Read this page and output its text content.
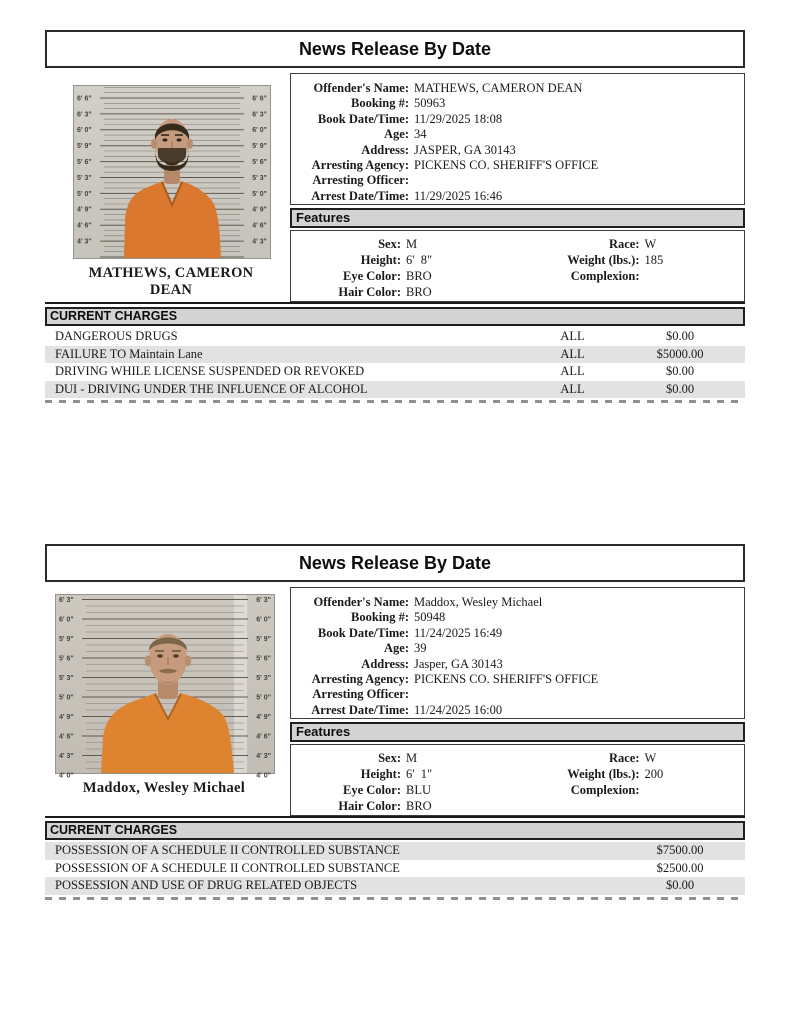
News Release By Date
6' 6"	6' 6"
6' 3"	6' 3"
6' 0"	6' 0"
5' 9"	5' 9"
5' 6"	5' 6"
5' 3"	5' 3"
5' 0"	5' 0"
4' 9"	4' 9"
4' 6"	4' 6"
4' 3"	4' 3"
MATHEWS, CAMERON DEAN
Offender's Name: MATHEWS, CAMERON DEAN
Booking #: 50963
Book Date/Time: 11/29/2025 18:08
Age: 34
Address: JASPER, GA 30143
Arresting Agency: PICKENS CO. SHERIFF'S OFFICE
Arresting Officer:
Arrest Date/Time: 11/29/2025 16:46
Features
Sex: M
Height: 6'  8"
Eye Color: BRO
Hair Color: BRO
Race: W
Weight (lbs.): 185
Complexion:
CURRENT CHARGES
DANGEROUS DRUGS	ALL	$0.00
FAILURE TO Maintain Lane	ALL	$5000.00
DRIVING WHILE LICENSE SUSPENDED OR REVOKED	ALL	$0.00
DUI - DRIVING UNDER THE INFLUENCE OF ALCOHOL	ALL	$0.00
News Release By Date
6' 3"	6' 3"
6' 0"	6' 0"
5' 9"	5' 9"
5' 6"	5' 6"
5' 3"	5' 3"
5' 0"	5' 0"
4' 9"	4' 9"
4' 6"	4' 6"
4' 3"	4' 3"
4' 0"	4' 0"
Maddox, Wesley Michael
Offender's Name: Maddox, Wesley Michael
Booking #: 50948
Book Date/Time: 11/24/2025 16:49
Age: 39
Address: Jasper, GA 30143
Arresting Agency: PICKENS CO. SHERIFF'S OFFICE
Arresting Officer:
Arrest Date/Time: 11/24/2025 16:00
Features
Sex: M
Height: 6'  1"
Eye Color: BLU
Hair Color: BRO
Race: W
Weight (lbs.): 200
Complexion:
CURRENT CHARGES
POSSESSION OF A SCHEDULE II CONTROLLED SUBSTANCE	$7500.00
POSSESSION OF A SCHEDULE II CONTROLLED SUBSTANCE	$2500.00
POSSESSION AND USE OF DRUG RELATED OBJECTS	$0.00
